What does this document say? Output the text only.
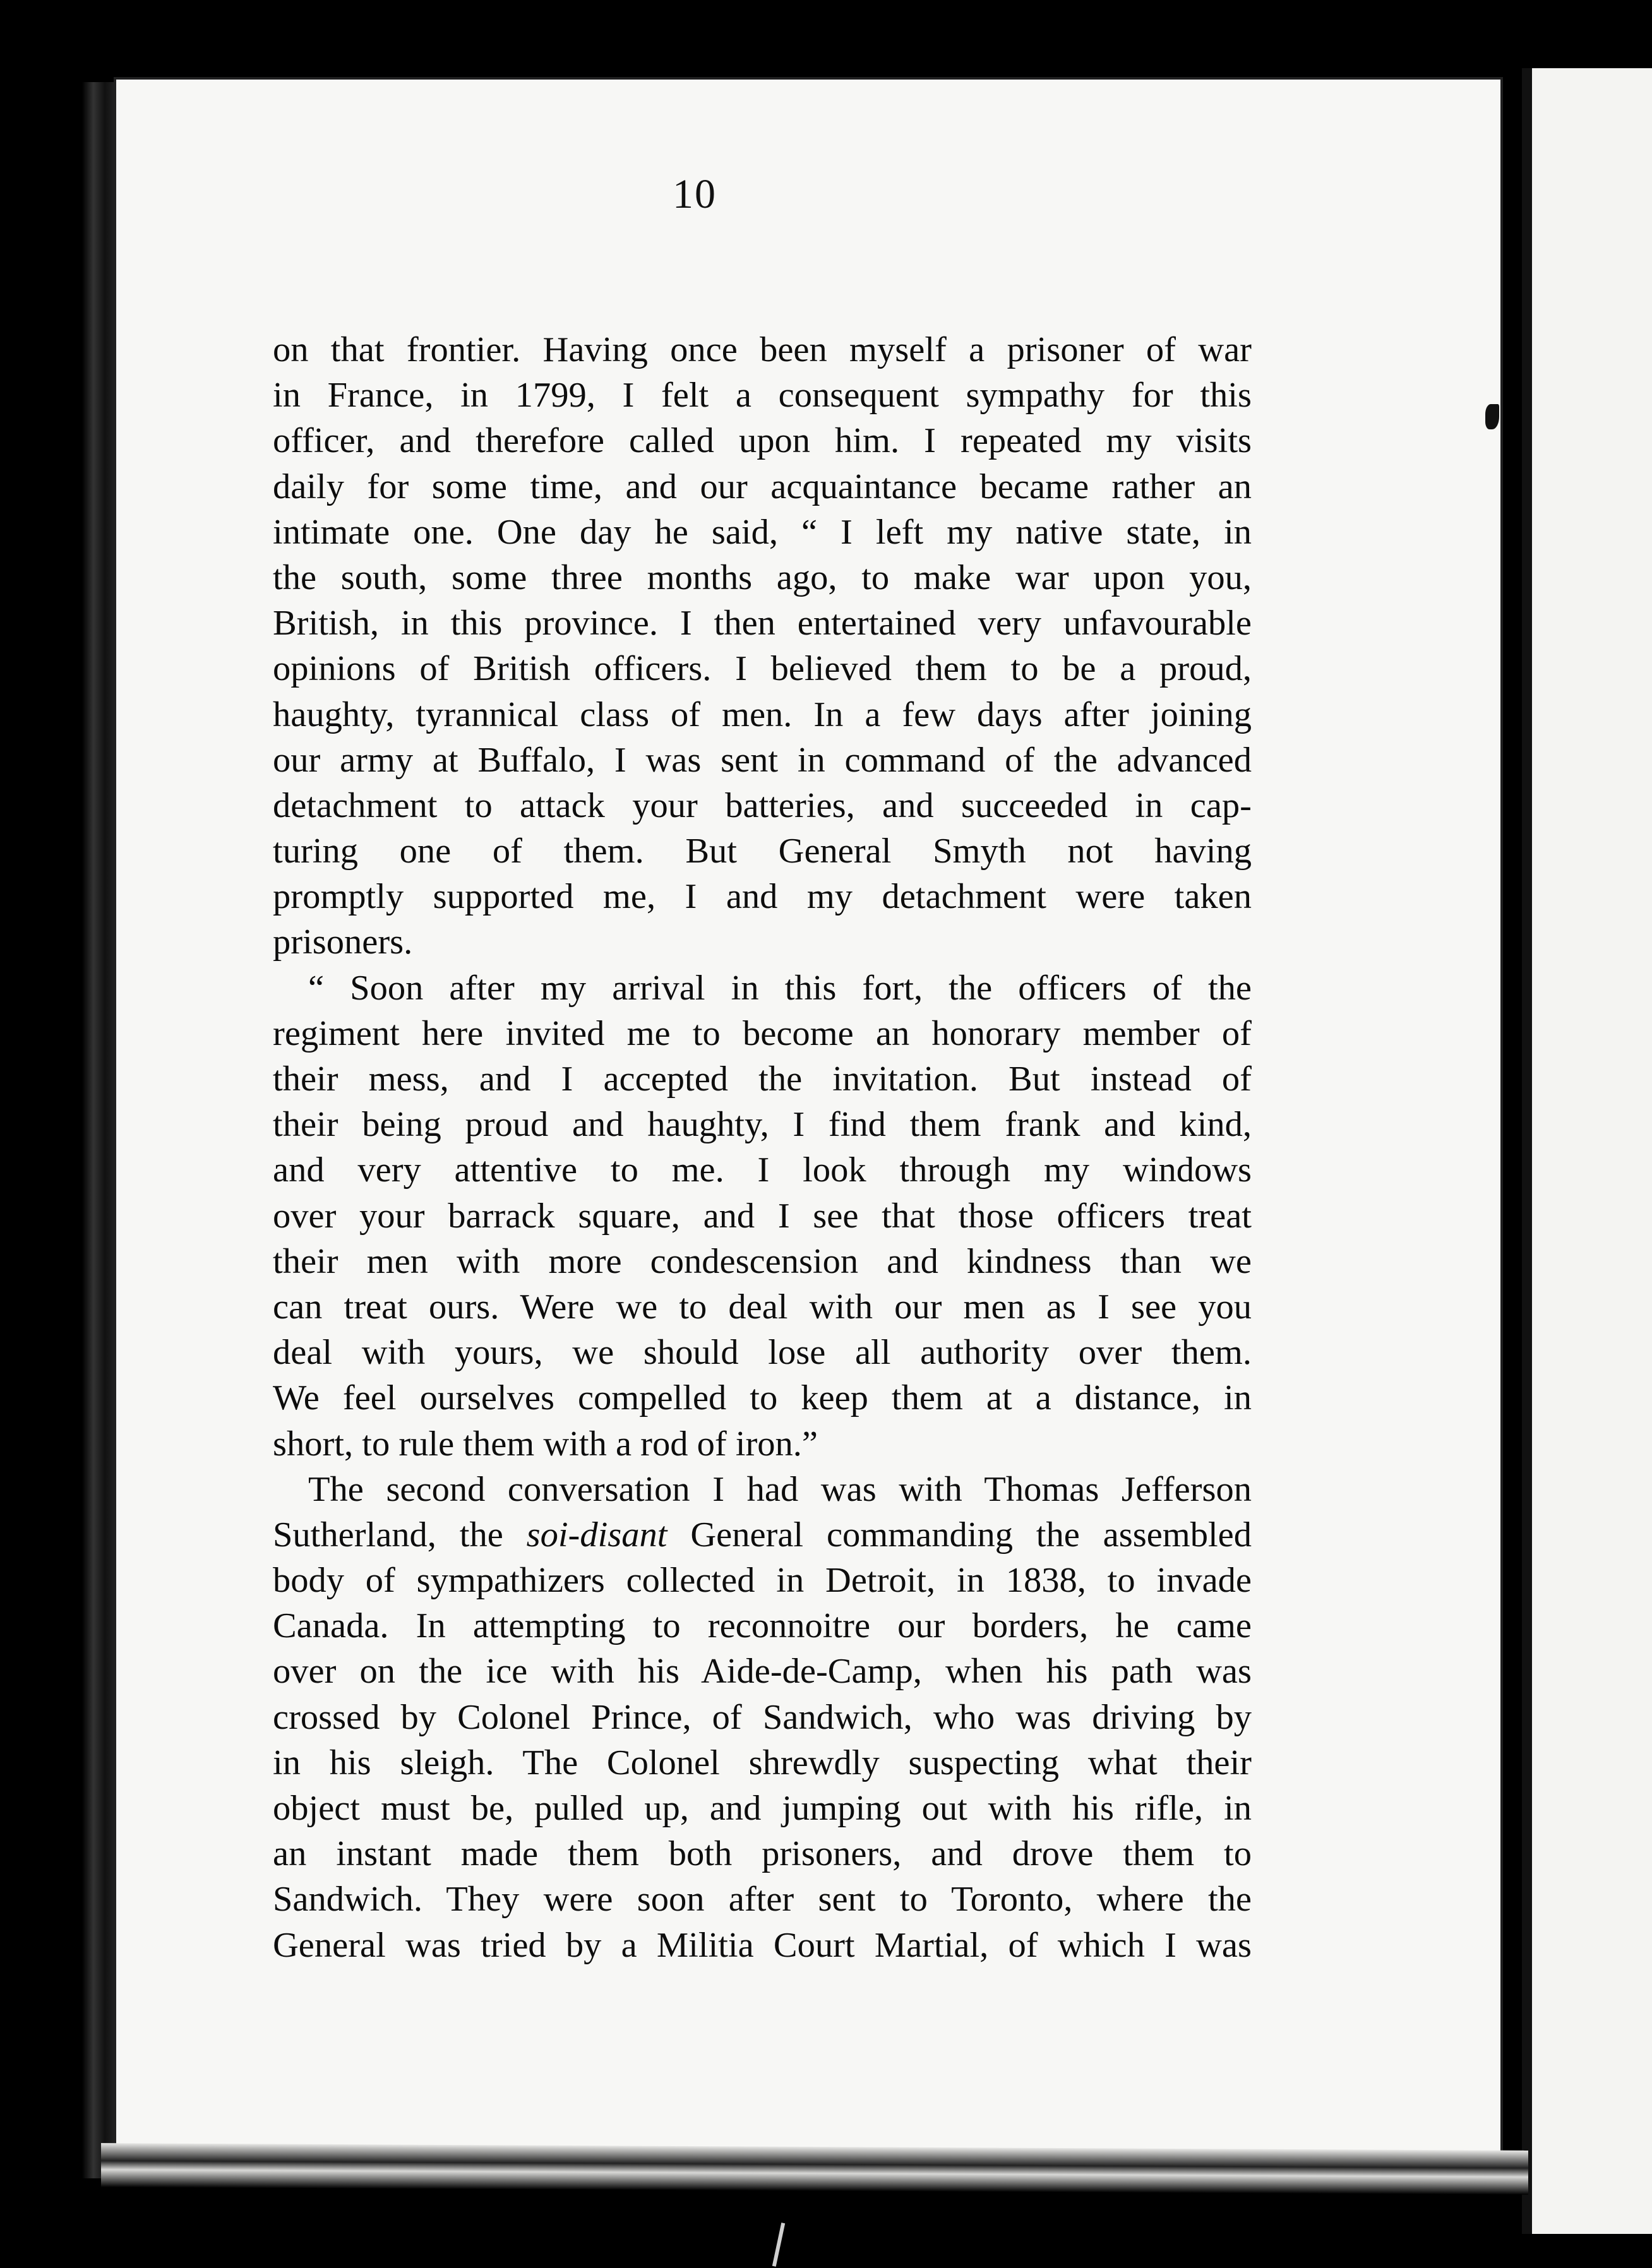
10
on that frontier. Having once been myself a prisoner of war
in France, in 1799, I felt a consequent sympathy for this
officer, and therefore called upon him. I repeated my visits
daily for some time, and our acquaintance became rather an
intimate one. One day he said, “ I left my native state, in
the south, some three months ago, to make war upon you,
British, in this province. I then entertained very unfavourable
opinions of British officers. I believed them to be a proud,
haughty, tyrannical class of men. In a few days after joining
our army at Buffalo, I was sent in command of the advanced
detachment to attack your batteries, and succeeded in cap-
turing one of them. But General Smyth not having
promptly supported me, I and my detachment were taken
prisoners.
“ Soon after my arrival in this fort, the officers of the
regiment here invited me to become an honorary member of
their mess, and I accepted the invitation. But instead of
their being proud and haughty, I find them frank and kind,
and very attentive to me. I look through my windows
over your barrack square, and I see that those officers treat
their men with more condescension and kindness than we
can treat ours. Were we to deal with our men as I see you
deal with yours, we should lose all authority over them.
We feel ourselves compelled to keep them at a distance, in
short, to rule them with a rod of iron.”
The second conversation I had was with Thomas Jefferson
Sutherland, the soi-disant General commanding the assembled
body of sympathizers collected in Detroit, in 1838, to invade
Canada. In attempting to reconnoitre our borders, he came
over on the ice with his Aide-de-Camp, when his path was
crossed by Colonel Prince, of Sandwich, who was driving by
in his sleigh. The Colonel shrewdly suspecting what their
object must be, pulled up, and jumping out with his rifle, in
an instant made them both prisoners, and drove them to
Sandwich. They were soon after sent to Toronto, where the
General was tried by a Militia Court Martial, of which I was
